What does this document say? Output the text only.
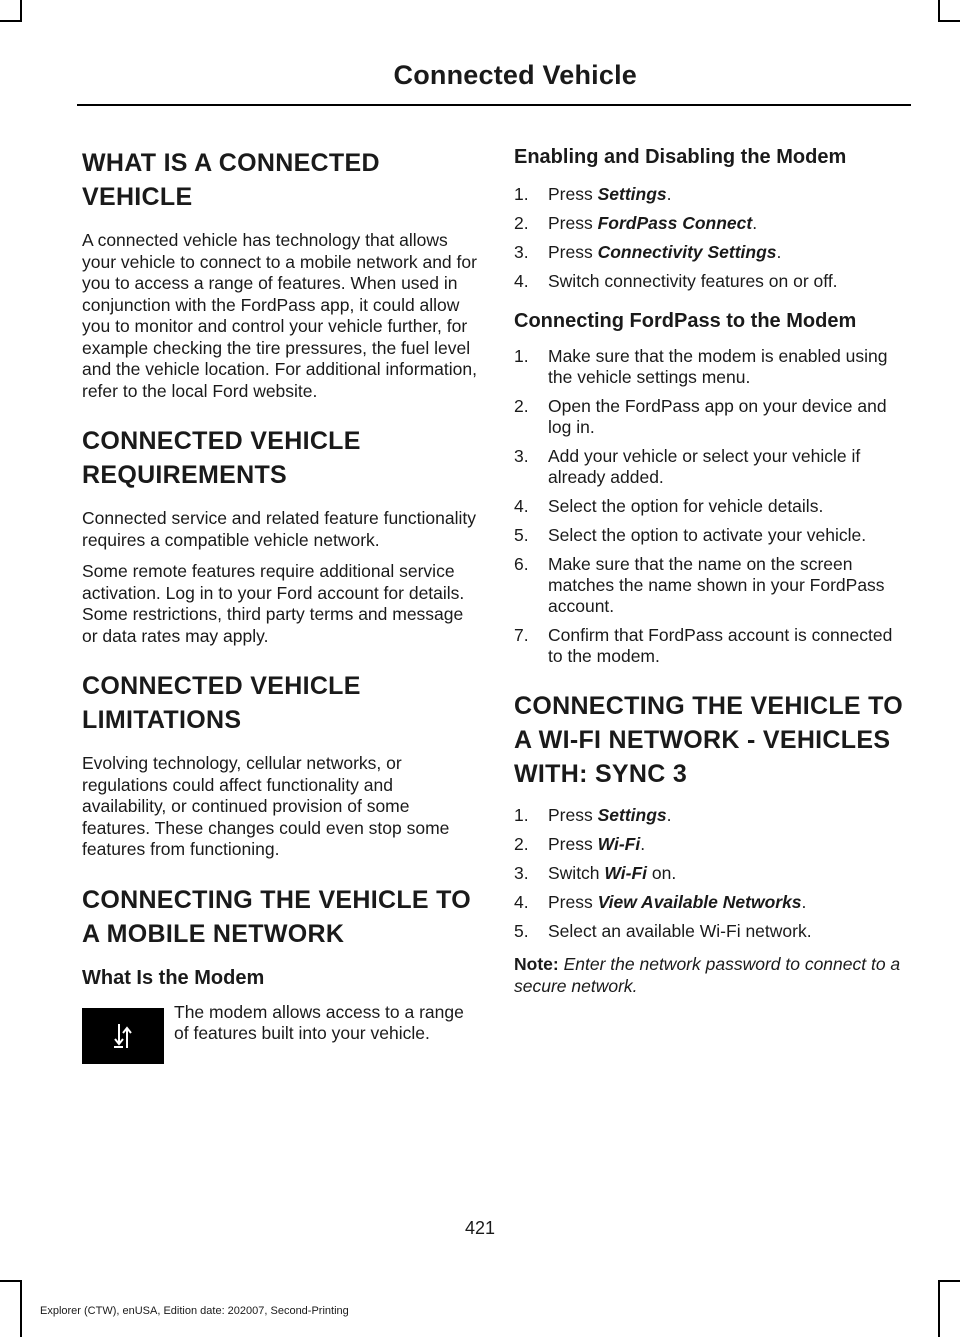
Connected Vehicle
WHAT IS A CONNECTED
VEHICLE

A connected vehicle has technology that allows your vehicle to connect to a mobile network and for you to access a range of features. When used in conjunction with the FordPass app, it could allow you to monitor and control your vehicle further, for example checking the tire pressures, the fuel level and the vehicle location. For additional information, refer to the local Ford website.

CONNECTED VEHICLE
REQUIREMENTS

Connected service and related feature functionality requires a compatible vehicle network.

Some remote features require additional service activation. Log in to your Ford account for details. Some restrictions, third party terms and message or data rates may apply.

CONNECTED VEHICLE
LIMITATIONS

Evolving technology, cellular networks, or regulations could affect functionality and availability, or continued provision of some features. These changes could even stop some features from functioning.

CONNECTING THE VEHICLE TO
A MOBILE NETWORK
What Is the Modem

The modem allows access to a range of features built into your vehicle.

Enabling and Disabling the Modem
1. Press Settings.
2. Press FordPass Connect.
3. Press Connectivity Settings.
4. Switch connectivity features on or off.
Connecting FordPass to the Modem
1. Make sure that the modem is enabled using the vehicle settings menu.
2. Open the FordPass app on your device and log in.
3. Add your vehicle or select your vehicle if already added.
4. Select the option for vehicle details.
5. Select the option to activate your vehicle.
6. Make sure that the name on the screen matches the name shown in your FordPass account.
7. Confirm that FordPass account is connected to the modem.
CONNECTING THE VEHICLE TO
A WI-FI NETWORK - VEHICLES
WITH: SYNC 3
1. Press Settings.
2. Press Wi-Fi.
3. Switch Wi-Fi on.
4. Press View Available Networks.
5. Select an available Wi-Fi network.

Note: Enter the network password to connect to a secure network.

421
Explorer (CTW), enUSA, Edition date: 202007, Second-Printing
